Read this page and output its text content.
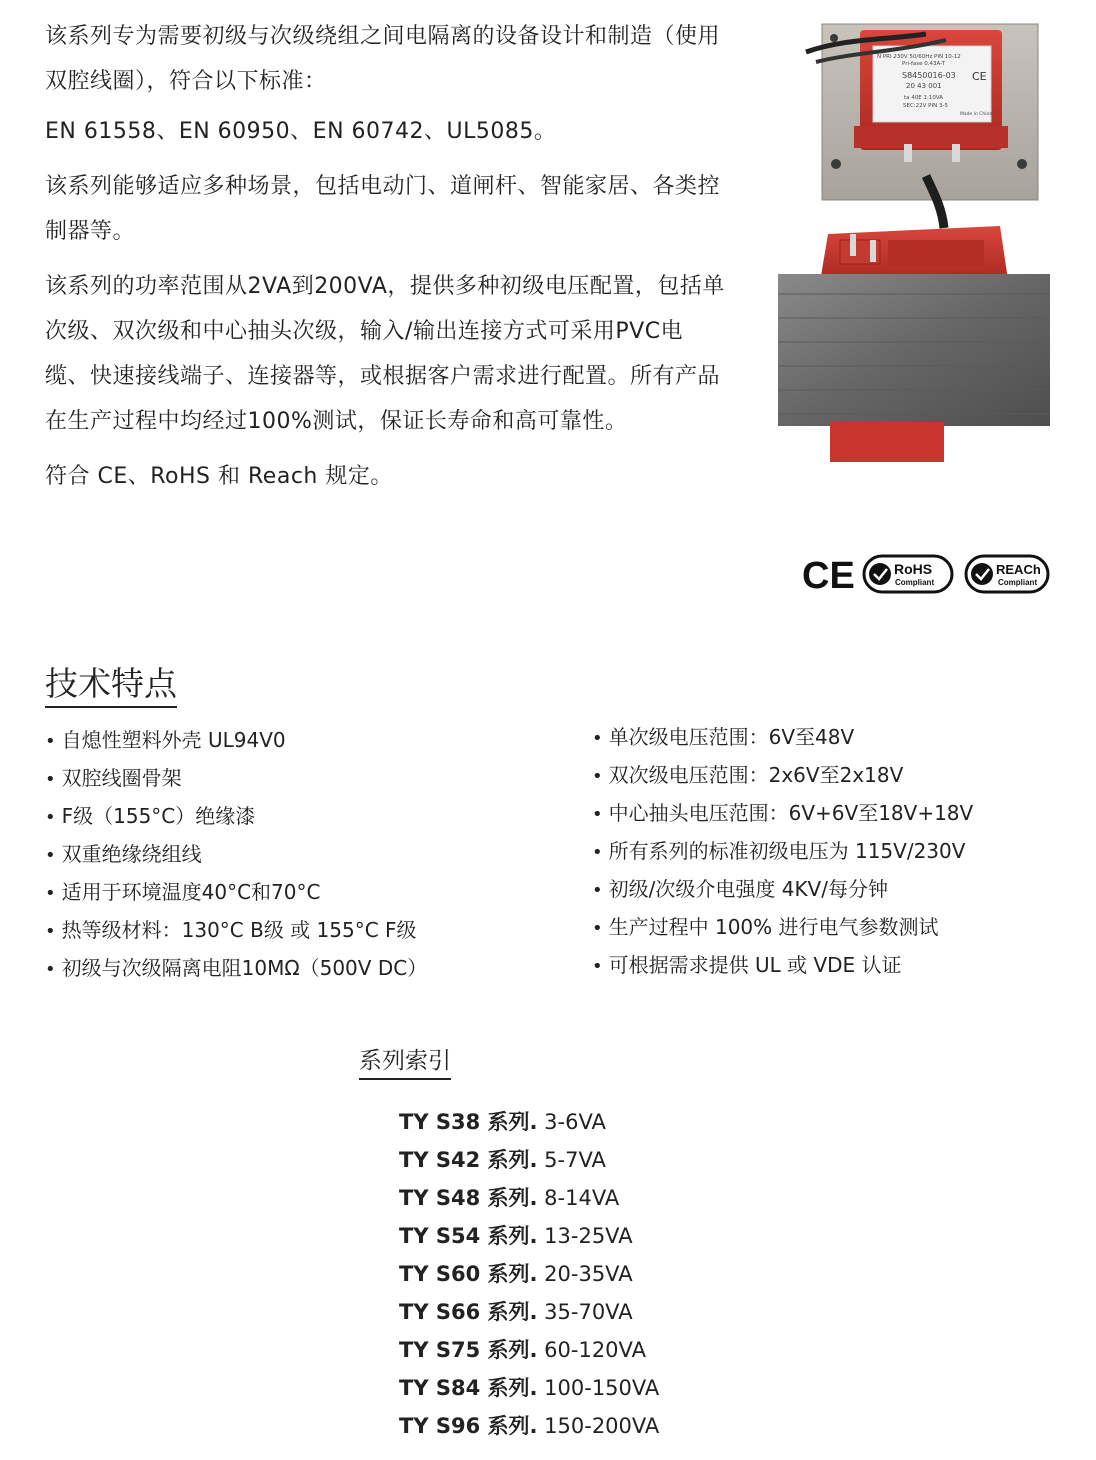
该系列专为需要初级与次级绕组之间电隔离的设备设计和制造（使用双腔线圈），符合以下标准：

EN 61558、EN 60950、EN 60742、UL5085。

该系列能够适应多种场景，包括电动门、道闸杆、智能家居、各类控制器等。

该系列的功率范围从2VA到200VA，提供多种初级电压配置，包括单次级、双次级和中心抽头次级，输入/输出连接方式可采用PVC电缆、快速接线端子、连接器等，或根据客户需求进行配置。所有产品在生产过程中均经过100%测试，保证长寿命和高可靠性。

符合 CE、RoHS 和 Reach 规定。

N PRI 230V 50/60Hz PIN 10-12
Pri-fase 0.43A-T
S8450016-03
20 43 001
ta 40E 1:10VA
SEC:22V PIN 3-5
Made in China
CE
CE	RoHS
Compliant
REACh
Compliant
技术特点
• 自熄性塑料外壳 UL94V0
• 双腔线圈骨架
• F级（155°C）绝缘漆
• 双重绝缘绕组线
• 适用于环境温度40°C和70°C
• 热等级材料：130°C B级 或 155°C F级
• 初级与次级隔离电阻10MΩ（500V DC）
• 单次级电压范围：6V至48V
• 双次级电压范围：2x6V至2x18V
• 中心抽头电压范围：6V+6V至18V+18V
• 所有系列的标准初级电压为 115V/230V
• 初级/次级介电强度 4KV/每分钟
• 生产过程中 100% 进行电气参数测试
• 可根据需求提供 UL 或 VDE 认证
系列索引
TY S38 系列. 3-6VA
TY S42 系列. 5-7VA
TY S48 系列. 8-14VA
TY S54 系列. 13-25VA
TY S60 系列. 20-35VA
TY S66 系列. 35-70VA
TY S75 系列. 60-120VA
TY S84 系列. 100-150VA
TY S96 系列. 150-200VA
